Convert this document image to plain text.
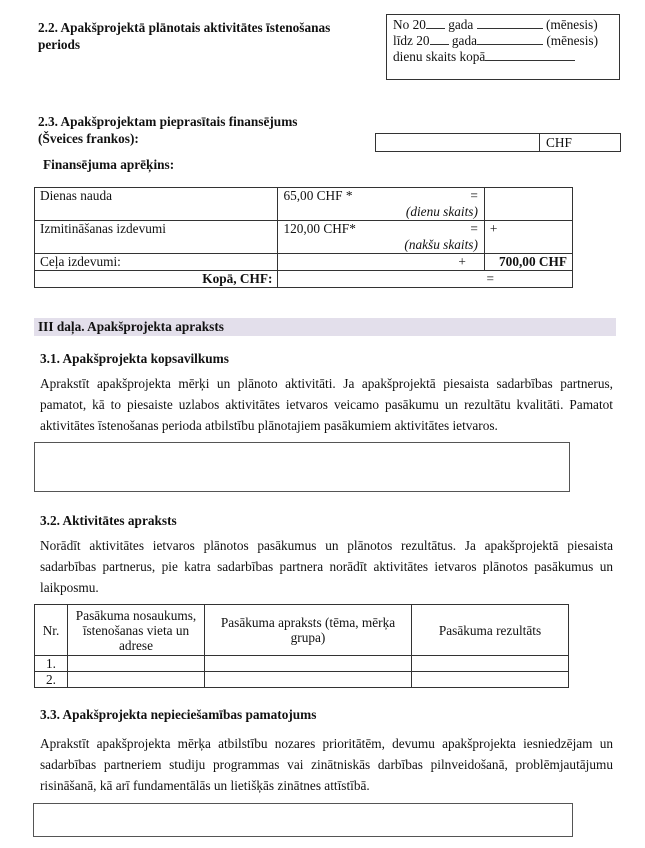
2.2. Apakšprojektā plānotais aktivitātes īstenošanas
periods
No 20 gada	(mēnesis)
līdz 20 gada	(mēnesis)
dienu skaits kopā
2.3. Apakšprojektam pieprasītais finansējums
(Šveices frankos):	CHF
Finansējuma aprēķins:
Dienas nauda	65,00 CHF * =
(dienu skaits)	

Izmitināšanas izdevumi	120,00 CHF* =
(nakšu skaits)	+
Ceļa izdevumi:	+	700,00 CHF
Kopā, CHF:	=	
III daļa. Apakšprojekta apraksts
3.1. Apakšprojekta kopsavilkums
Aprakstīt apakšprojekta mērķi un plānoto aktivitāti. Ja apakšprojektā piesaista sadarbības partnerus, pamatot, kā to piesaiste uzlabos aktivitātes ietvaros veicamo pasākumu un rezultātu kvalitāti. Pamatot aktivitātes īstenošanas perioda atbilstību plānotajiem pasākumiem aktivitātes ietvaros.
3.2. Aktivitātes apraksts
Norādīt aktivitātes ietvaros plānotos pasākumus un plānotos rezultātus. Ja apakšprojektā piesaista sadarbības partnerus, pie katra sadarbības partnera norādīt aktivitātes ietvaros plānotos pasākumus un laikposmu.
Nr.	Pasākuma nosaukums, īstenošanas vieta un adrese	Pasākuma apraksts (tēma, mērķa grupa)	Pasākuma rezultāts
1.			
2.			
3.3. Apakšprojekta nepieciešamības pamatojums
Aprakstīt apakšprojekta mērķa atbilstību nozares prioritātēm, devumu apakšprojekta iesniedzējam un sadarbības partneriem studiju programmas vai zinātniskās darbības pilnveidošanā, problēmjautājumu risināšanā, kā arī fundamentālās un lietišķās zinātnes attīstībā.
